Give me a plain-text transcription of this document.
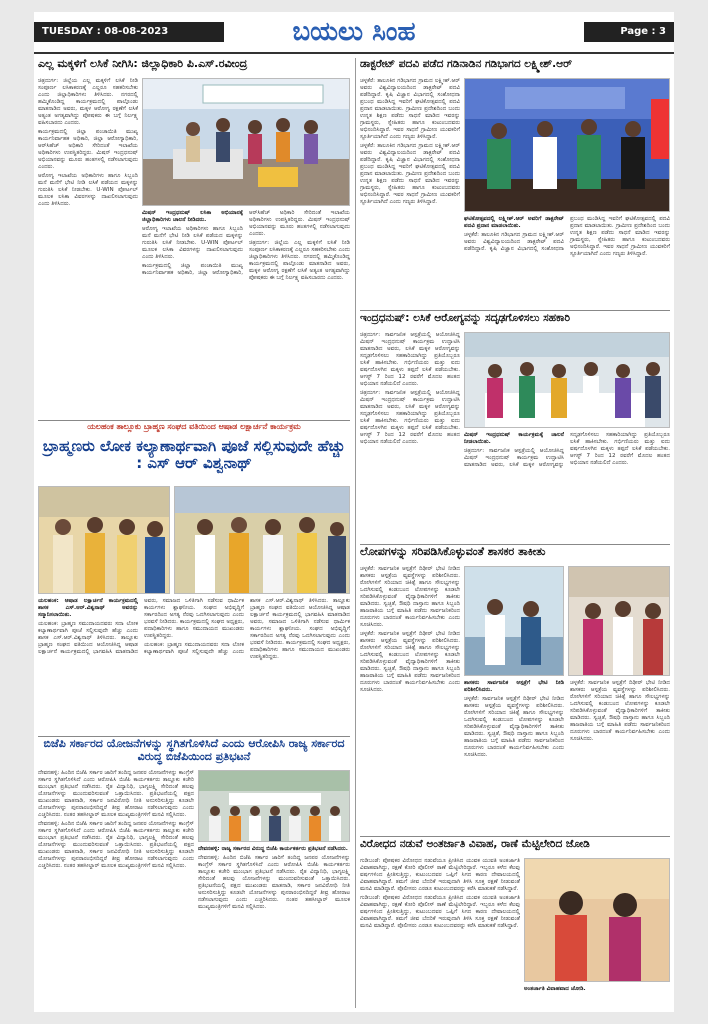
TUESDAY : 08-08-2023	ಬಯಲು ಸಿಂಹ	Page : 3
ಎಲ್ಲ ಮಕ್ಕಳಿಗೆ ಲಸಿಕೆ ನೀಗಿಸಿ: ಜಿಲ್ಲಾಧಿಕಾರಿ ಪಿ.ಎಸ್.ರವೀಂದ್ರ

ಚಿತ್ರದುರ್ಗ: ಜಿಲ್ಲೆಯ ಎಲ್ಲ ಮಕ್ಕಳಿಗೆ ಲಸಿಕೆ ನೀಡಿ ಸಂಪೂರ್ಣ ಲಸಿಕಾಕರಣಕ್ಕೆ ಎಲ್ಲರೂ ಸಹಕರಿಸಬೇಕು ಎಂದು ಜಿಲ್ಲಾಧಿಕಾರಿಗಳು ತಿಳಿಸಿದರು. ನಗರದಲ್ಲಿ ಹಮ್ಮಿಕೊಂಡಿದ್ದ ಕಾರ್ಯಕ್ರಮದಲ್ಲಿ ಪಾಲ್ಗೊಂಡು ಮಾತನಾಡಿದ ಅವರು, ಮಕ್ಕಳ ಆರೋಗ್ಯ ರಕ್ಷಣೆಗೆ ಲಸಿಕೆ ಅತ್ಯಂತ ಅಗತ್ಯವಾಗಿದ್ದು ಪೋಷಕರು ಈ ಬಗ್ಗೆ ನಿರ್ಲಕ್ಷ್ಯ ವಹಿಸಬಾರದು ಎಂದರು.

ಕಾರ್ಯಕ್ರಮದಲ್ಲಿ ಜಿಲ್ಲಾ ಪಂಚಾಯಿತಿ ಮುಖ್ಯ ಕಾರ್ಯನಿರ್ವಾಹಕ ಅಧಿಕಾರಿ, ಜಿಲ್ಲಾ ಆರೋಗ್ಯಾಧಿಕಾರಿ, ಆರ್‌ಸಿಹೆಚ್ ಅಧಿಕಾರಿ ಸೇರಿದಂತೆ ಇಲಾಖೆಯ ಅಧಿಕಾರಿಗಳು ಉಪಸ್ಥಿತರಿದ್ದರು. ಮಿಷನ್ ಇಂದ್ರಧನುಷ್ ಅಭಿಯಾನವನ್ನು ಮೂರು ಹಂತಗಳಲ್ಲಿ ನಡೆಸಲಾಗುವುದು ಎಂದರು.

ಆರೋಗ್ಯ ಇಲಾಖೆಯ ಅಧಿಕಾರಿಗಳು ಹಾಗೂ ಸಿಬ್ಬಂದಿ ಮನೆ ಮನೆಗೆ ಭೇಟಿ ನೀಡಿ ಲಸಿಕೆ ಪಡೆಯದ ಮಕ್ಕಳನ್ನು ಗುರುತಿಸಿ ಲಸಿಕೆ ನೀಡಬೇಕು. U-WIN ಪೋರ್ಟಲ್ ಮೂಲಕ ಲಸಿಕಾ ವಿವರಗಳನ್ನು ದಾಖಲಿಸಲಾಗುವುದು ಎಂದು ತಿಳಿಸಿದರು.

ಮಿಷನ್ ಇಂದ್ರಧನುಷ್ ಲಸಿಕಾ ಅಭಿಯಾನಕ್ಕೆ ಜಿಲ್ಲಾಧಿಕಾರಿಗಳು ಚಾಲನೆ ನೀಡಿದರು.

ಆರೋಗ್ಯ ಇಲಾಖೆಯ ಅಧಿಕಾರಿಗಳು ಹಾಗೂ ಸಿಬ್ಬಂದಿ ಮನೆ ಮನೆಗೆ ಭೇಟಿ ನೀಡಿ ಲಸಿಕೆ ಪಡೆಯದ ಮಕ್ಕಳನ್ನು ಗುರುತಿಸಿ ಲಸಿಕೆ ನೀಡಬೇಕು. U-WIN ಪೋರ್ಟಲ್ ಮೂಲಕ ಲಸಿಕಾ ವಿವರಗಳನ್ನು ದಾಖಲಿಸಲಾಗುವುದು ಎಂದು ತಿಳಿಸಿದರು.

ಕಾರ್ಯಕ್ರಮದಲ್ಲಿ ಜಿಲ್ಲಾ ಪಂಚಾಯಿತಿ ಮುಖ್ಯ ಕಾರ್ಯನಿರ್ವಾಹಕ ಅಧಿಕಾರಿ, ಜಿಲ್ಲಾ ಆರೋಗ್ಯಾಧಿಕಾರಿ, ಆರ್‌ಸಿಹೆಚ್ ಅಧಿಕಾರಿ ಸೇರಿದಂತೆ ಇಲಾಖೆಯ ಅಧಿಕಾರಿಗಳು ಉಪಸ್ಥಿತರಿದ್ದರು. ಮಿಷನ್ ಇಂದ್ರಧನುಷ್ ಅಭಿಯಾನವನ್ನು ಮೂರು ಹಂತಗಳಲ್ಲಿ ನಡೆಸಲಾಗುವುದು ಎಂದರು.

ಚಿತ್ರದುರ್ಗ: ಜಿಲ್ಲೆಯ ಎಲ್ಲ ಮಕ್ಕಳಿಗೆ ಲಸಿಕೆ ನೀಡಿ ಸಂಪೂರ್ಣ ಲಸಿಕಾಕರಣಕ್ಕೆ ಎಲ್ಲರೂ ಸಹಕರಿಸಬೇಕು ಎಂದು ಜಿಲ್ಲಾಧಿಕಾರಿಗಳು ತಿಳಿಸಿದರು. ನಗರದಲ್ಲಿ ಹಮ್ಮಿಕೊಂಡಿದ್ದ ಕಾರ್ಯಕ್ರಮದಲ್ಲಿ ಪಾಲ್ಗೊಂಡು ಮಾತನಾಡಿದ ಅವರು, ಮಕ್ಕಳ ಆರೋಗ್ಯ ರಕ್ಷಣೆಗೆ ಲಸಿಕೆ ಅತ್ಯಂತ ಅಗತ್ಯವಾಗಿದ್ದು ಪೋಷಕರು ಈ ಬಗ್ಗೆ ನಿರ್ಲಕ್ಷ್ಯ ವಹಿಸಬಾರದು ಎಂದರು.

ಯಲಹಂಕ ತಾಲ್ಲೂಕು ಬ್ರಾಹ್ಮಣ ಸಂಘದ ವತಿಯಿಂದ ಆಷಾಡ ಲಕ್ಷಾರ್ಚನೆ ಕಾರ್ಯಕ್ರಮ
ಬ್ರಾಹ್ಮಣರು ಲೋಕ ಕಲ್ಯಾಣಾರ್ಥವಾಗಿ ಪೂಜೆ ಸಲ್ಲಿಸುವುದೇ ಹೆಚ್ಚು : ಎಸ್ ಆರ್ ವಿಶ್ವನಾಥ್

ಯಲಹಂಕ: ಆಷಾಡ ಲಕ್ಷಾರ್ಚನೆ ಕಾರ್ಯಕ್ರಮದಲ್ಲಿ ಶಾಸಕ ಎಸ್.ಆರ್.ವಿಶ್ವನಾಥ್ ಅವರನ್ನು ಸನ್ಮಾನಿಸಲಾಯಿತು.

ಯಲಹಂಕ: ಬ್ರಾಹ್ಮಣ ಸಮುದಾಯದವರು ಸದಾ ಲೋಕ ಕಲ್ಯಾಣಾರ್ಥವಾಗಿ ಪೂಜೆ ಸಲ್ಲಿಸುವುದೇ ಹೆಚ್ಚು ಎಂದು ಶಾಸಕ ಎಸ್.ಆರ್.ವಿಶ್ವನಾಥ್ ತಿಳಿಸಿದರು. ತಾಲ್ಲೂಕು ಬ್ರಾಹ್ಮಣ ಸಂಘದ ವತಿಯಿಂದ ಆಯೋಜಿಸಿದ್ದ ಆಷಾಡ ಲಕ್ಷಾರ್ಚನೆ ಕಾರ್ಯಕ್ರಮದಲ್ಲಿ ಭಾಗವಹಿಸಿ ಮಾತನಾಡಿದ ಅವರು, ಸಮಾಜದ ಒಳಿತಿಗಾಗಿ ನಡೆಸುವ ಧಾರ್ಮಿಕ ಕಾರ್ಯಗಳು ಶ್ಲಾಘನೀಯ. ಸಂಘದ ಅಭಿವೃದ್ಧಿಗೆ ಸರ್ಕಾರದಿಂದ ಅಗತ್ಯ ನೆರವು ಒದಗಿಸಲಾಗುವುದು ಎಂದು ಭರವಸೆ ನೀಡಿದರು. ಕಾರ್ಯಕ್ರಮದಲ್ಲಿ ಸಂಘದ ಅಧ್ಯಕ್ಷರು, ಪದಾಧಿಕಾರಿಗಳು ಹಾಗೂ ಸಮುದಾಯದ ಮುಖಂಡರು ಉಪಸ್ಥಿತರಿದ್ದರು.

ಯಲಹಂಕ: ಬ್ರಾಹ್ಮಣ ಸಮುದಾಯದವರು ಸದಾ ಲೋಕ ಕಲ್ಯಾಣಾರ್ಥವಾಗಿ ಪೂಜೆ ಸಲ್ಲಿಸುವುದೇ ಹೆಚ್ಚು ಎಂದು ಶಾಸಕ ಎಸ್.ಆರ್.ವಿಶ್ವನಾಥ್ ತಿಳಿಸಿದರು. ತಾಲ್ಲೂಕು ಬ್ರಾಹ್ಮಣ ಸಂಘದ ವತಿಯಿಂದ ಆಯೋಜಿಸಿದ್ದ ಆಷಾಡ ಲಕ್ಷಾರ್ಚನೆ ಕಾರ್ಯಕ್ರಮದಲ್ಲಿ ಭಾಗವಹಿಸಿ ಮಾತನಾಡಿದ ಅವರು, ಸಮಾಜದ ಒಳಿತಿಗಾಗಿ ನಡೆಸುವ ಧಾರ್ಮಿಕ ಕಾರ್ಯಗಳು ಶ್ಲಾಘನೀಯ. ಸಂಘದ ಅಭಿವೃದ್ಧಿಗೆ ಸರ್ಕಾರದಿಂದ ಅಗತ್ಯ ನೆರವು ಒದಗಿಸಲಾಗುವುದು ಎಂದು ಭರವಸೆ ನೀಡಿದರು. ಕಾರ್ಯಕ್ರಮದಲ್ಲಿ ಸಂಘದ ಅಧ್ಯಕ್ಷರು, ಪದಾಧಿಕಾರಿಗಳು ಹಾಗೂ ಸಮುದಾಯದ ಮುಖಂಡರು ಉಪಸ್ಥಿತರಿದ್ದರು.

ಬಿಜೆಪಿ ಸರ್ಕಾರದ ಯೋಜನೆಗಳನ್ನು ಸ್ಥಗಿತಗೊಳಿಸಿದೆ ಎಂದು ಆರೋಪಿಸಿ ರಾಜ್ಯ ಸರ್ಕಾರದ ವಿರುದ್ಧ ಬಿಜೆಪಿಯಿಂದ ಪ್ರತಿಭಟನೆ

ದೇವನಹಳ್ಳಿ: ಹಿಂದಿನ ಬಿಜೆಪಿ ಸರ್ಕಾರ ಜಾರಿಗೆ ತಂದಿದ್ದ ಜನಪರ ಯೋಜನೆಗಳನ್ನು ಕಾಂಗ್ರೆಸ್ ಸರ್ಕಾರ ಸ್ಥಗಿತಗೊಳಿಸಿದೆ ಎಂದು ಆರೋಪಿಸಿ ಬಿಜೆಪಿ ಕಾರ್ಯಕರ್ತರು ತಾಲ್ಲೂಕು ಕಚೇರಿ ಮುಂಭಾಗ ಪ್ರತಿಭಟನೆ ನಡೆಸಿದರು. ರೈತ ವಿದ್ಯಾನಿಧಿ, ಭಾಗ್ಯಲಕ್ಷ್ಮಿ ಸೇರಿದಂತೆ ಹಲವು ಯೋಜನೆಗಳನ್ನು ಮುಂದುವರಿಸುವಂತೆ ಒತ್ತಾಯಿಸಿದರು. ಪ್ರತಿಭಟನೆಯಲ್ಲಿ ಪಕ್ಷದ ಮುಖಂಡರು ಮಾತನಾಡಿ, ಸರ್ಕಾರ ಜನವಿರೋಧಿ ನೀತಿ ಅನುಸರಿಸುತ್ತಿದ್ದು ಕೂಡಲೇ ಯೋಜನೆಗಳನ್ನು ಪುನರಾರಂಭಿಸದಿದ್ದರೆ ತೀವ್ರ ಹೋರಾಟ ನಡೆಸಲಾಗುವುದು ಎಂದು ಎಚ್ಚರಿಸಿದರು. ನಂತರ ತಹಸೀಲ್ದಾರ್ ಮೂಲಕ ಮುಖ್ಯಮಂತ್ರಿಗಳಿಗೆ ಮನವಿ ಸಲ್ಲಿಸಿದರು.

ದೇವನಹಳ್ಳಿ: ಹಿಂದಿನ ಬಿಜೆಪಿ ಸರ್ಕಾರ ಜಾರಿಗೆ ತಂದಿದ್ದ ಜನಪರ ಯೋಜನೆಗಳನ್ನು ಕಾಂಗ್ರೆಸ್ ಸರ್ಕಾರ ಸ್ಥಗಿತಗೊಳಿಸಿದೆ ಎಂದು ಆರೋಪಿಸಿ ಬಿಜೆಪಿ ಕಾರ್ಯಕರ್ತರು ತಾಲ್ಲೂಕು ಕಚೇರಿ ಮುಂಭಾಗ ಪ್ರತಿಭಟನೆ ನಡೆಸಿದರು. ರೈತ ವಿದ್ಯಾನಿಧಿ, ಭಾಗ್ಯಲಕ್ಷ್ಮಿ ಸೇರಿದಂತೆ ಹಲವು ಯೋಜನೆಗಳನ್ನು ಮುಂದುವರಿಸುವಂತೆ ಒತ್ತಾಯಿಸಿದರು. ಪ್ರತಿಭಟನೆಯಲ್ಲಿ ಪಕ್ಷದ ಮುಖಂಡರು ಮಾತನಾಡಿ, ಸರ್ಕಾರ ಜನವಿರೋಧಿ ನೀತಿ ಅನುಸರಿಸುತ್ತಿದ್ದು ಕೂಡಲೇ ಯೋಜನೆಗಳನ್ನು ಪುನರಾರಂಭಿಸದಿದ್ದರೆ ತೀವ್ರ ಹೋರಾಟ ನಡೆಸಲಾಗುವುದು ಎಂದು ಎಚ್ಚರಿಸಿದರು. ನಂತರ ತಹಸೀಲ್ದಾರ್ ಮೂಲಕ ಮುಖ್ಯಮಂತ್ರಿಗಳಿಗೆ ಮನವಿ ಸಲ್ಲಿಸಿದರು.

ದೇವನಹಳ್ಳಿ: ರಾಜ್ಯ ಸರ್ಕಾರದ ವಿರುದ್ಧ ಬಿಜೆಪಿ ಕಾರ್ಯಕರ್ತರು ಪ್ರತಿಭಟನೆ ನಡೆಸಿದರು.

ದೇವನಹಳ್ಳಿ: ಹಿಂದಿನ ಬಿಜೆಪಿ ಸರ್ಕಾರ ಜಾರಿಗೆ ತಂದಿದ್ದ ಜನಪರ ಯೋಜನೆಗಳನ್ನು ಕಾಂಗ್ರೆಸ್ ಸರ್ಕಾರ ಸ್ಥಗಿತಗೊಳಿಸಿದೆ ಎಂದು ಆರೋಪಿಸಿ ಬಿಜೆಪಿ ಕಾರ್ಯಕರ್ತರು ತಾಲ್ಲೂಕು ಕಚೇರಿ ಮುಂಭಾಗ ಪ್ರತಿಭಟನೆ ನಡೆಸಿದರು. ರೈತ ವಿದ್ಯಾನಿಧಿ, ಭಾಗ್ಯಲಕ್ಷ್ಮಿ ಸೇರಿದಂತೆ ಹಲವು ಯೋಜನೆಗಳನ್ನು ಮುಂದುವರಿಸುವಂತೆ ಒತ್ತಾಯಿಸಿದರು. ಪ್ರತಿಭಟನೆಯಲ್ಲಿ ಪಕ್ಷದ ಮುಖಂಡರು ಮಾತನಾಡಿ, ಸರ್ಕಾರ ಜನವಿರೋಧಿ ನೀತಿ ಅನುಸರಿಸುತ್ತಿದ್ದು ಕೂಡಲೇ ಯೋಜನೆಗಳನ್ನು ಪುನರಾರಂಭಿಸದಿದ್ದರೆ ತೀವ್ರ ಹೋರಾಟ ನಡೆಸಲಾಗುವುದು ಎಂದು ಎಚ್ಚರಿಸಿದರು. ನಂತರ ತಹಸೀಲ್ದಾರ್ ಮೂಲಕ ಮುಖ್ಯಮಂತ್ರಿಗಳಿಗೆ ಮನವಿ ಸಲ್ಲಿಸಿದರು.

ಡಾಕ್ಟರೇಟ್ ಪದವಿ ಪಡೆದ ಗಡಿನಾಡಿನ ಗಡಿಭಾಗದ ಲಕ್ಷ್ಮೀಶ್.ಆರ್

ಚಳ್ಳಕೆರೆ: ತಾಲೂಕಿನ ಗಡಿಭಾಗದ ಗ್ರಾಮದ ಲಕ್ಷ್ಮೀಶ್.ಆರ್ ಅವರು ವಿಶ್ವವಿದ್ಯಾಲಯದಿಂದ ಡಾಕ್ಟರೇಟ್ ಪದವಿ ಪಡೆದಿದ್ದಾರೆ. ಕೃಷಿ ವಿಜ್ಞಾನ ವಿಭಾಗದಲ್ಲಿ ಸಂಶೋಧನಾ ಪ್ರಬಂಧ ಮಂಡಿಸಿದ್ದ ಇವರಿಗೆ ಘಟಿಕೋತ್ಸವದಲ್ಲಿ ಪದವಿ ಪ್ರದಾನ ಮಾಡಲಾಯಿತು. ಗ್ರಾಮೀಣ ಪ್ರದೇಶದಿಂದ ಬಂದು ಉನ್ನತ ಶಿಕ್ಷಣ ಪಡೆದು ಸಾಧನೆ ಮಾಡಿದ ಇವರನ್ನು ಗ್ರಾಮಸ್ಥರು, ಸ್ನೇಹಿತರು ಹಾಗೂ ಕುಟುಂಬದವರು ಅಭಿನಂದಿಸಿದ್ದಾರೆ. ಇವರ ಸಾಧನೆ ಗ್ರಾಮೀಣ ಯುವಕರಿಗೆ ಸ್ಫೂರ್ತಿಯಾಗಿದೆ ಎಂದು ಗಣ್ಯರು ತಿಳಿಸಿದ್ದಾರೆ.

ಚಳ್ಳಕೆರೆ: ತಾಲೂಕಿನ ಗಡಿಭಾಗದ ಗ್ರಾಮದ ಲಕ್ಷ್ಮೀಶ್.ಆರ್ ಅವರು ವಿಶ್ವವಿದ್ಯಾಲಯದಿಂದ ಡಾಕ್ಟರೇಟ್ ಪದವಿ ಪಡೆದಿದ್ದಾರೆ. ಕೃಷಿ ವಿಜ್ಞಾನ ವಿಭಾಗದಲ್ಲಿ ಸಂಶೋಧನಾ ಪ್ರಬಂಧ ಮಂಡಿಸಿದ್ದ ಇವರಿಗೆ ಘಟಿಕೋತ್ಸವದಲ್ಲಿ ಪದವಿ ಪ್ರದಾನ ಮಾಡಲಾಯಿತು. ಗ್ರಾಮೀಣ ಪ್ರದೇಶದಿಂದ ಬಂದು ಉನ್ನತ ಶಿಕ್ಷಣ ಪಡೆದು ಸಾಧನೆ ಮಾಡಿದ ಇವರನ್ನು ಗ್ರಾಮಸ್ಥರು, ಸ್ನೇಹಿತರು ಹಾಗೂ ಕುಟುಂಬದವರು ಅಭಿನಂದಿಸಿದ್ದಾರೆ. ಇವರ ಸಾಧನೆ ಗ್ರಾಮೀಣ ಯುವಕರಿಗೆ ಸ್ಫೂರ್ತಿಯಾಗಿದೆ ಎಂದು ಗಣ್ಯರು ತಿಳಿಸಿದ್ದಾರೆ.

ಘಟಿಕೋತ್ಸವದಲ್ಲಿ ಲಕ್ಷ್ಮೀಶ್.ಆರ್ ಅವರಿಗೆ ಡಾಕ್ಟರೇಟ್ ಪದವಿ ಪ್ರದಾನ ಮಾಡಲಾಯಿತು.

ಚಳ್ಳಕೆರೆ: ತಾಲೂಕಿನ ಗಡಿಭಾಗದ ಗ್ರಾಮದ ಲಕ್ಷ್ಮೀಶ್.ಆರ್ ಅವರು ವಿಶ್ವವಿದ್ಯಾಲಯದಿಂದ ಡಾಕ್ಟರೇಟ್ ಪದವಿ ಪಡೆದಿದ್ದಾರೆ. ಕೃಷಿ ವಿಜ್ಞಾನ ವಿಭಾಗದಲ್ಲಿ ಸಂಶೋಧನಾ ಪ್ರಬಂಧ ಮಂಡಿಸಿದ್ದ ಇವರಿಗೆ ಘಟಿಕೋತ್ಸವದಲ್ಲಿ ಪದವಿ ಪ್ರದಾನ ಮಾಡಲಾಯಿತು. ಗ್ರಾಮೀಣ ಪ್ರದೇಶದಿಂದ ಬಂದು ಉನ್ನತ ಶಿಕ್ಷಣ ಪಡೆದು ಸಾಧನೆ ಮಾಡಿದ ಇವರನ್ನು ಗ್ರಾಮಸ್ಥರು, ಸ್ನೇಹಿತರು ಹಾಗೂ ಕುಟುಂಬದವರು ಅಭಿನಂದಿಸಿದ್ದಾರೆ. ಇವರ ಸಾಧನೆ ಗ್ರಾಮೀಣ ಯುವಕರಿಗೆ ಸ್ಫೂರ್ತಿಯಾಗಿದೆ ಎಂದು ಗಣ್ಯರು ತಿಳಿಸಿದ್ದಾರೆ.

ಇಂದ್ರಧನುಷ್: ಲಸಿಕೆ ಆರೋಗ್ಯವನ್ನು ಸದೃಢಗೊಳಿಸಲು ಸಹಕಾರಿ

ಚಿತ್ರದುರ್ಗ: ಸಾರ್ವಜನಿಕ ಆಸ್ಪತ್ರೆಯಲ್ಲಿ ಆಯೋಜಿಸಿದ್ದ ಮಿಷನ್ ಇಂದ್ರಧನುಷ್ ಕಾರ್ಯಕ್ರಮ ಉದ್ಘಾಟಿಸಿ ಮಾತನಾಡಿದ ಅವರು, ಲಸಿಕೆ ಮಕ್ಕಳ ಆರೋಗ್ಯವನ್ನು ಸದೃಢಗೊಳಿಸಲು ಸಹಕಾರಿಯಾಗಿದ್ದು ಪ್ರತಿಯೊಬ್ಬರೂ ಲಸಿಕೆ ಹಾಕಿಸಬೇಕು. ಗರ್ಭಿಣಿಯರು ಮತ್ತು ಐದು ವರ್ಷದೊಳಗಿನ ಮಕ್ಕಳು ತಪ್ಪದೆ ಲಸಿಕೆ ಪಡೆಯಬೇಕು. ಆಗಸ್ಟ್ 7 ರಿಂದ 12 ರವರೆಗೆ ಮೊದಲ ಹಂತದ ಅಭಿಯಾನ ನಡೆಯಲಿದೆ ಎಂದರು.

ಚಿತ್ರದುರ್ಗ: ಸಾರ್ವಜನಿಕ ಆಸ್ಪತ್ರೆಯಲ್ಲಿ ಆಯೋಜಿಸಿದ್ದ ಮಿಷನ್ ಇಂದ್ರಧನುಷ್ ಕಾರ್ಯಕ್ರಮ ಉದ್ಘಾಟಿಸಿ ಮಾತನಾಡಿದ ಅವರು, ಲಸಿಕೆ ಮಕ್ಕಳ ಆರೋಗ್ಯವನ್ನು ಸದೃಢಗೊಳಿಸಲು ಸಹಕಾರಿಯಾಗಿದ್ದು ಪ್ರತಿಯೊಬ್ಬರೂ ಲಸಿಕೆ ಹಾಕಿಸಬೇಕು. ಗರ್ಭಿಣಿಯರು ಮತ್ತು ಐದು ವರ್ಷದೊಳಗಿನ ಮಕ್ಕಳು ತಪ್ಪದೆ ಲಸಿಕೆ ಪಡೆಯಬೇಕು. ಆಗಸ್ಟ್ 7 ರಿಂದ 12 ರವರೆಗೆ ಮೊದಲ ಹಂತದ ಅಭಿಯಾನ ನಡೆಯಲಿದೆ ಎಂದರು.

ಮಿಷನ್ ಇಂದ್ರಧನುಷ್ ಕಾರ್ಯಕ್ರಮಕ್ಕೆ ಚಾಲನೆ ನೀಡಲಾಯಿತು.

ಚಿತ್ರದುರ್ಗ: ಸಾರ್ವಜನಿಕ ಆಸ್ಪತ್ರೆಯಲ್ಲಿ ಆಯೋಜಿಸಿದ್ದ ಮಿಷನ್ ಇಂದ್ರಧನುಷ್ ಕಾರ್ಯಕ್ರಮ ಉದ್ಘಾಟಿಸಿ ಮಾತನಾಡಿದ ಅವರು, ಲಸಿಕೆ ಮಕ್ಕಳ ಆರೋಗ್ಯವನ್ನು ಸದೃಢಗೊಳಿಸಲು ಸಹಕಾರಿಯಾಗಿದ್ದು ಪ್ರತಿಯೊಬ್ಬರೂ ಲಸಿಕೆ ಹಾಕಿಸಬೇಕು. ಗರ್ಭಿಣಿಯರು ಮತ್ತು ಐದು ವರ್ಷದೊಳಗಿನ ಮಕ್ಕಳು ತಪ್ಪದೆ ಲಸಿಕೆ ಪಡೆಯಬೇಕು. ಆಗಸ್ಟ್ 7 ರಿಂದ 12 ರವರೆಗೆ ಮೊದಲ ಹಂತದ ಅಭಿಯಾನ ನಡೆಯಲಿದೆ ಎಂದರು.

ಲೋಪಗಳನ್ನು ಸರಿಪಡಿಸಿಕೊಳ್ಳುವಂತೆ ಶಾಸಕರ ತಾಕೀತು

ಚಳ್ಳಕೆರೆ: ಸಾರ್ವಜನಿಕ ಆಸ್ಪತ್ರೆಗೆ ದಿಢೀರ್ ಭೇಟಿ ನೀಡಿದ ಶಾಸಕರು ಆಸ್ಪತ್ರೆಯ ವ್ಯವಸ್ಥೆಗಳನ್ನು ಪರಿಶೀಲಿಸಿದರು. ರೋಗಿಗಳಿಗೆ ಸರಿಯಾದ ಚಿಕಿತ್ಸೆ ಹಾಗೂ ಸೌಲಭ್ಯಗಳನ್ನು ಒದಗಿಸುವಲ್ಲಿ ಕಂಡುಬಂದ ಲೋಪಗಳನ್ನು ಕೂಡಲೇ ಸರಿಪಡಿಸಿಕೊಳ್ಳುವಂತೆ ವೈದ್ಯಾಧಿಕಾರಿಗಳಿಗೆ ತಾಕೀತು ಮಾಡಿದರು. ಸ್ವಚ್ಛತೆ, ಔಷಧಿ ದಾಸ್ತಾನು ಹಾಗೂ ಸಿಬ್ಬಂದಿ ಹಾಜರಾತಿಯ ಬಗ್ಗೆ ಮಾಹಿತಿ ಪಡೆದು ಸಾರ್ವಜನಿಕರಿಂದ ದೂರುಗಳು ಬಾರದಂತೆ ಕಾರ್ಯನಿರ್ವಹಿಸಬೇಕು ಎಂದು ಸೂಚಿಸಿದರು.

ಚಳ್ಳಕೆರೆ: ಸಾರ್ವಜನಿಕ ಆಸ್ಪತ್ರೆಗೆ ದಿಢೀರ್ ಭೇಟಿ ನೀಡಿದ ಶಾಸಕರು ಆಸ್ಪತ್ರೆಯ ವ್ಯವಸ್ಥೆಗಳನ್ನು ಪರಿಶೀಲಿಸಿದರು. ರೋಗಿಗಳಿಗೆ ಸರಿಯಾದ ಚಿಕಿತ್ಸೆ ಹಾಗೂ ಸೌಲಭ್ಯಗಳನ್ನು ಒದಗಿಸುವಲ್ಲಿ ಕಂಡುಬಂದ ಲೋಪಗಳನ್ನು ಕೂಡಲೇ ಸರಿಪಡಿಸಿಕೊಳ್ಳುವಂತೆ ವೈದ್ಯಾಧಿಕಾರಿಗಳಿಗೆ ತಾಕೀತು ಮಾಡಿದರು. ಸ್ವಚ್ಛತೆ, ಔಷಧಿ ದಾಸ್ತಾನು ಹಾಗೂ ಸಿಬ್ಬಂದಿ ಹಾಜರಾತಿಯ ಬಗ್ಗೆ ಮಾಹಿತಿ ಪಡೆದು ಸಾರ್ವಜನಿಕರಿಂದ ದೂರುಗಳು ಬಾರದಂತೆ ಕಾರ್ಯನಿರ್ವಹಿಸಬೇಕು ಎಂದು ಸೂಚಿಸಿದರು.

ಶಾಸಕರು ಸಾರ್ವಜನಿಕ ಆಸ್ಪತ್ರೆಗೆ ಭೇಟಿ ನೀಡಿ ಪರಿಶೀಲಿಸಿದರು.

ಚಳ್ಳಕೆರೆ: ಸಾರ್ವಜನಿಕ ಆಸ್ಪತ್ರೆಗೆ ದಿಢೀರ್ ಭೇಟಿ ನೀಡಿದ ಶಾಸಕರು ಆಸ್ಪತ್ರೆಯ ವ್ಯವಸ್ಥೆಗಳನ್ನು ಪರಿಶೀಲಿಸಿದರು. ರೋಗಿಗಳಿಗೆ ಸರಿಯಾದ ಚಿಕಿತ್ಸೆ ಹಾಗೂ ಸೌಲಭ್ಯಗಳನ್ನು ಒದಗಿಸುವಲ್ಲಿ ಕಂಡುಬಂದ ಲೋಪಗಳನ್ನು ಕೂಡಲೇ ಸರಿಪಡಿಸಿಕೊಳ್ಳುವಂತೆ ವೈದ್ಯಾಧಿಕಾರಿಗಳಿಗೆ ತಾಕೀತು ಮಾಡಿದರು. ಸ್ವಚ್ಛತೆ, ಔಷಧಿ ದಾಸ್ತಾನು ಹಾಗೂ ಸಿಬ್ಬಂದಿ ಹಾಜರಾತಿಯ ಬಗ್ಗೆ ಮಾಹಿತಿ ಪಡೆದು ಸಾರ್ವಜನಿಕರಿಂದ ದೂರುಗಳು ಬಾರದಂತೆ ಕಾರ್ಯನಿರ್ವಹಿಸಬೇಕು ಎಂದು ಸೂಚಿಸಿದರು.

ಚಳ್ಳಕೆರೆ: ಸಾರ್ವಜನಿಕ ಆಸ್ಪತ್ರೆಗೆ ದಿಢೀರ್ ಭೇಟಿ ನೀಡಿದ ಶಾಸಕರು ಆಸ್ಪತ್ರೆಯ ವ್ಯವಸ್ಥೆಗಳನ್ನು ಪರಿಶೀಲಿಸಿದರು. ರೋಗಿಗಳಿಗೆ ಸರಿಯಾದ ಚಿಕಿತ್ಸೆ ಹಾಗೂ ಸೌಲಭ್ಯಗಳನ್ನು ಒದಗಿಸುವಲ್ಲಿ ಕಂಡುಬಂದ ಲೋಪಗಳನ್ನು ಕೂಡಲೇ ಸರಿಪಡಿಸಿಕೊಳ್ಳುವಂತೆ ವೈದ್ಯಾಧಿಕಾರಿಗಳಿಗೆ ತಾಕೀತು ಮಾಡಿದರು. ಸ್ವಚ್ಛತೆ, ಔಷಧಿ ದಾಸ್ತಾನು ಹಾಗೂ ಸಿಬ್ಬಂದಿ ಹಾಜರಾತಿಯ ಬಗ್ಗೆ ಮಾಹಿತಿ ಪಡೆದು ಸಾರ್ವಜನಿಕರಿಂದ ದೂರುಗಳು ಬಾರದಂತೆ ಕಾರ್ಯನಿರ್ವಹಿಸಬೇಕು ಎಂದು ಸೂಚಿಸಿದರು.

ವಿರೋಧದ ನಡುವೆ ಅಂತರ್ಜಾತಿ ವಿವಾಹ, ರಾಣೆ ಮೆಟ್ಟಿಲೇರಿದ ಜೋಡಿ

ಗುಡಿಬಂಡೆ: ಪೋಷಕರ ವಿರೋಧದ ನಡುವೆಯೂ ಪ್ರೀತಿಸಿದ ಯುವಕ ಯುವತಿ ಅಂತರ್ಜಾತಿ ವಿವಾಹವಾಗಿದ್ದು, ರಕ್ಷಣೆ ಕೋರಿ ಪೊಲೀಸ್ ಠಾಣೆ ಮೆಟ್ಟಿಲೇರಿದ್ದಾರೆ. ಇಬ್ಬರೂ ಕಳೆದ ಕೆಲವು ವರ್ಷಗಳಿಂದ ಪ್ರೀತಿಸುತ್ತಿದ್ದು, ಕುಟುಂಬದವರ ಒಪ್ಪಿಗೆ ಸಿಗದ ಕಾರಣ ದೇವಾಲಯದಲ್ಲಿ ವಿವಾಹವಾಗಿದ್ದಾರೆ. ತಮಗೆ ಜೀವ ಬೆದರಿಕೆ ಇರುವುದಾಗಿ ತಿಳಿಸಿ ಸೂಕ್ತ ರಕ್ಷಣೆ ನೀಡುವಂತೆ ಮನವಿ ಮಾಡಿದ್ದಾರೆ. ಪೊಲೀಸರು ಎರಡೂ ಕುಟುಂಬದವರನ್ನು ಕರೆಸಿ ಮಾತುಕತೆ ನಡೆಸಿದ್ದಾರೆ.

ಗುಡಿಬಂಡೆ: ಪೋಷಕರ ವಿರೋಧದ ನಡುವೆಯೂ ಪ್ರೀತಿಸಿದ ಯುವಕ ಯುವತಿ ಅಂತರ್ಜಾತಿ ವಿವಾಹವಾಗಿದ್ದು, ರಕ್ಷಣೆ ಕೋರಿ ಪೊಲೀಸ್ ಠಾಣೆ ಮೆಟ್ಟಿಲೇರಿದ್ದಾರೆ. ಇಬ್ಬರೂ ಕಳೆದ ಕೆಲವು ವರ್ಷಗಳಿಂದ ಪ್ರೀತಿಸುತ್ತಿದ್ದು, ಕುಟುಂಬದವರ ಒಪ್ಪಿಗೆ ಸಿಗದ ಕಾರಣ ದೇವಾಲಯದಲ್ಲಿ ವಿವಾಹವಾಗಿದ್ದಾರೆ. ತಮಗೆ ಜೀವ ಬೆದರಿಕೆ ಇರುವುದಾಗಿ ತಿಳಿಸಿ ಸೂಕ್ತ ರಕ್ಷಣೆ ನೀಡುವಂತೆ ಮನವಿ ಮಾಡಿದ್ದಾರೆ. ಪೊಲೀಸರು ಎರಡೂ ಕುಟುಂಬದವರನ್ನು ಕರೆಸಿ ಮಾತುಕತೆ ನಡೆಸಿದ್ದಾರೆ.

ಅಂತರ್ಜಾತಿ ವಿವಾಹವಾದ ಜೋಡಿ.
